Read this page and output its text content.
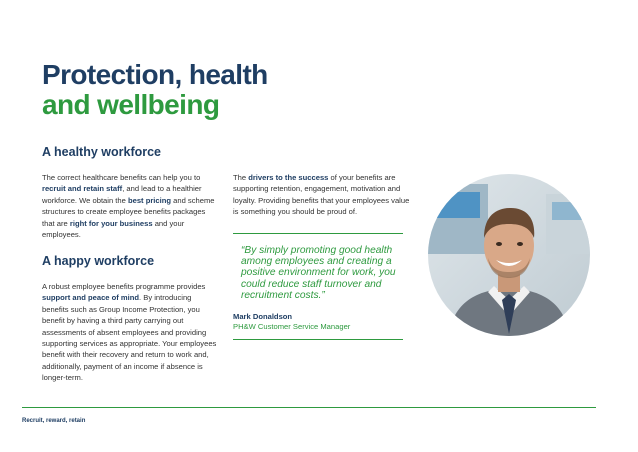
Protection, health
and wellbeing
A healthy workforce

The correct healthcare benefits can help you to recruit and retain staff, and lead to a healthier workforce. We obtain the best pricing and scheme structures to create employee benefits packages that are right for your business and your employees.

A happy workforce

A robust employee benefits programme provides support and peace of mind. By introducing benefits such as Group Income Protection, you benefit by having a third party carrying out assessments of absent employees and providing supporting services as appropriate. Your employees benefit with their recovery and return to work and, additionally, payment of an income if absence is longer-term.

The drivers to the success of your benefits are supporting retention, engagement, motivation and loyalty. Providing benefits that your employees value is something you should be proud of.

“By simply promoting good health among employees and creating a positive environment for work, you could reduce staff turnover and recruitment costs.”

Mark Donaldson

PH&W Customer Service Manager

Recruit, reward, retain
